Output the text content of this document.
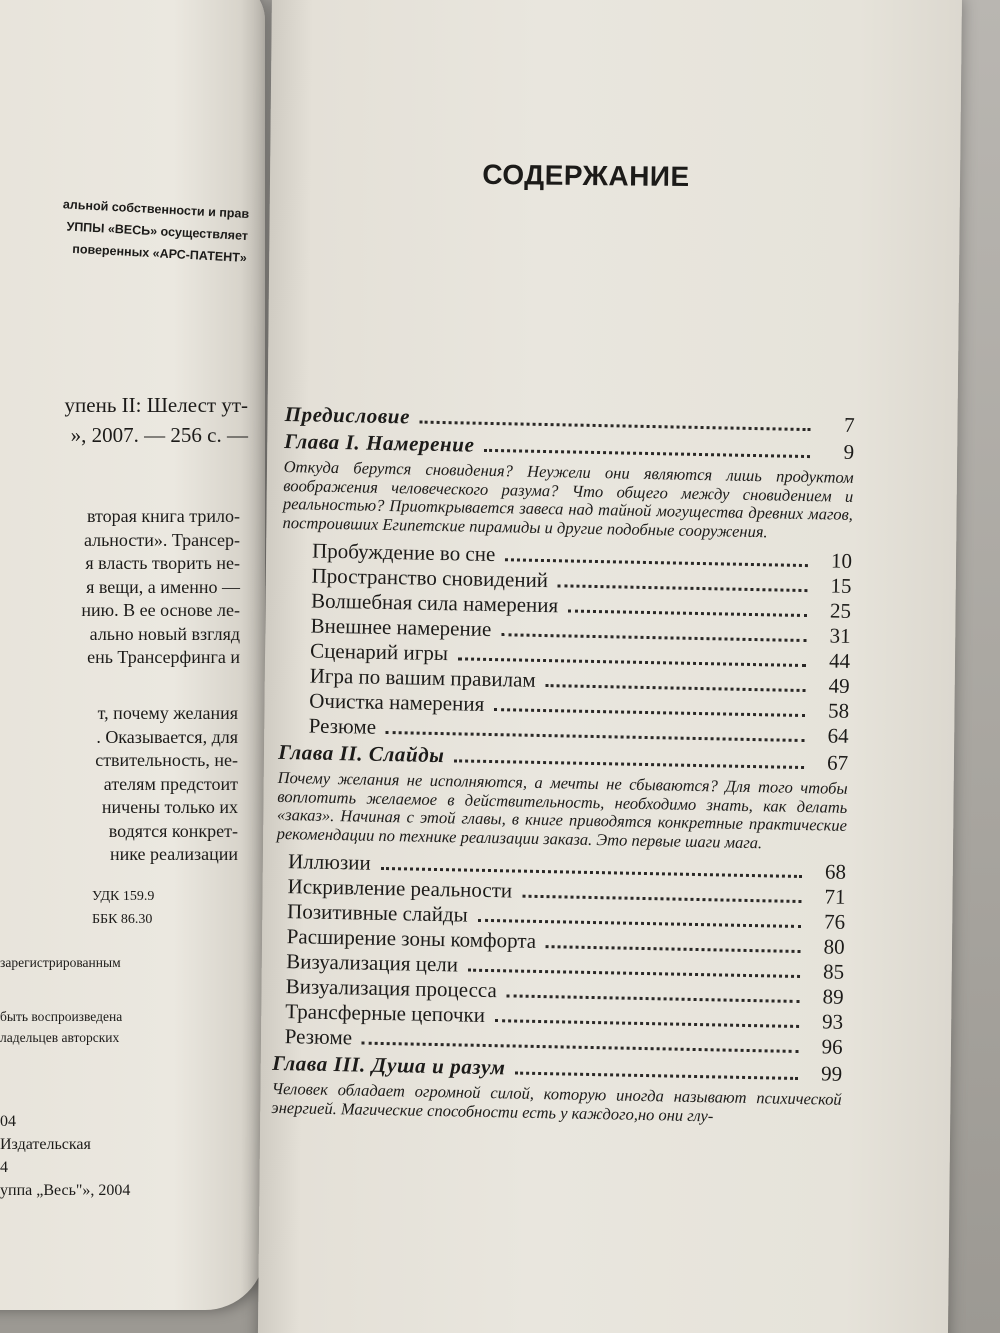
альной собственности и прав
УППЫ «ВЕСЬ» осуществляет
поверенных «АРС-ПАТЕНТ»
упень II: Шелест ут-
», 2007. — 256 с. —
вторая книга трило-
альности». Трансер-
я власть творить не-
я вещи, а именно —
нию. В ее основе ле-
ально новый взгляд
ень Трансерфинга и
т, почему желания
. Оказывается, для
ствительность, не-
ателям предстоит
ничены только их
водятся конкрет-
нике реализации
УДК 159.9
ББК 86.30
зарегистрированным
быть воспроизведена
ладельцев авторских
04
Издательская
4
уппа „Весь"», 2004
СОДЕРЖАНИЕ
Предисловие	7
Глава I. Намерение	9
Откуда берутся сновидения? Неужели они являются лишь продуктом воображения человеческого разума? Что общего между сновидением и реальностью? Приоткрывается завеса над тайной могущества древних магов, построивших Египетские пирамиды и другие подобные сооружения.
Пробуждение во сне	10
Пространство сновидений	15
Волшебная сила намерения	25
Внешнее намерение	31
Сценарий игры	44
Игра по вашим правилам	49
Очистка намерения	58
Резюме	64
Глава II. Слайды	67
Почему желания не исполняются, а мечты не сбываются? Для того чтобы воплотить желаемое в действительность, необходимо знать, как делать «заказ». Начиная с этой главы, в книге приводятся конкретные практические рекомендации по технике реализации заказа. Это первые шаги мага.
Иллюзии	68
Искривление реальности	71
Позитивные слайды	76
Расширение зоны комфорта	80
Визуализация цели	85
Визуализация процесса	89
Трансферные цепочки	93
Резюме	96
Глава III. Душа и разум	99
Человек обладает огромной силой, которую иногда называют психической энергией. Магические способности есть у каждого,но они глу-
